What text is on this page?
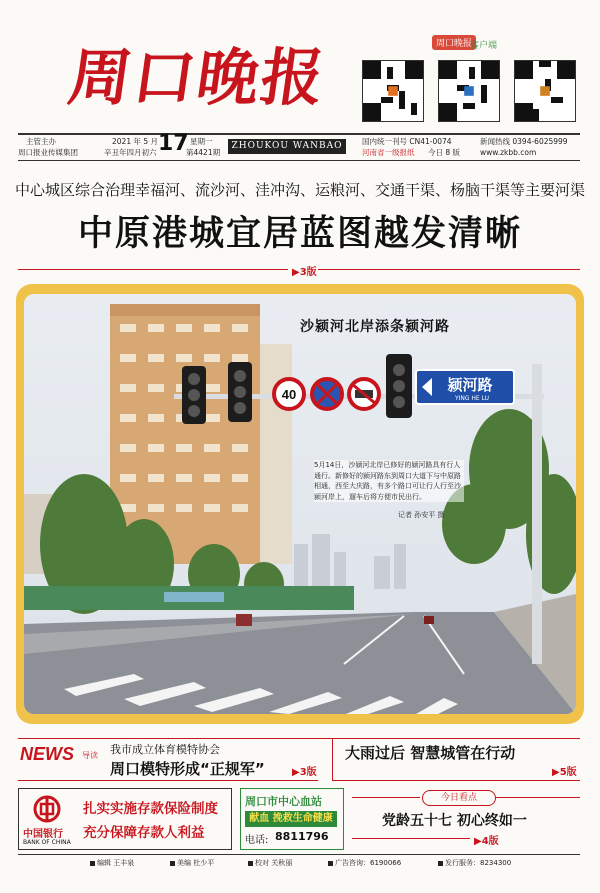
周口晚报	周口晚报
客户端
主管主办
周口报业传媒集团
2021 年 5 月 17 星期一
辛丑年四月初六	第4421期
ZHOUKOU WANBAO	国内统一刊号 CN41-0074	新闻热线 0394-6025999
河南省一级报纸 今日 8 版	www.zkbb.com
中心城区综合治理幸福河、流沙河、洼冲沟、运粮河、交通干渠、杨脑干渠等主要河渠
中原港城宜居蓝图越发清晰
▶3版
40
颍河路
YING HE LU
沙颍河北岸添条颍河路
5月14日，沙颍河北岸已修好的颍河路具有行人通行。新修好的颍河路东到周口大道下与中原路相通，西至大庆路，有多个路口可让行人行至沙颍河岸上，遛车后将方便市民出行。
记者 孙安平 摄
NEWS 导读 我市成立体育模特协会
周口模特形成“正规军”	▶3版
大雨过后 智慧城管在行动
▶5版
中国银行
BANK OF CHINA
扎实实施存款保险制度
充分保障存款人利益
周口市中心血站
献血 挽救生命健康
电话: 8811796
今日看点
党龄五十七 初心终如一
▶4版
编辑 王丰泉	美编 杜少平	校对 关秋丽	广告咨询：6190066	发行服务：8234300
